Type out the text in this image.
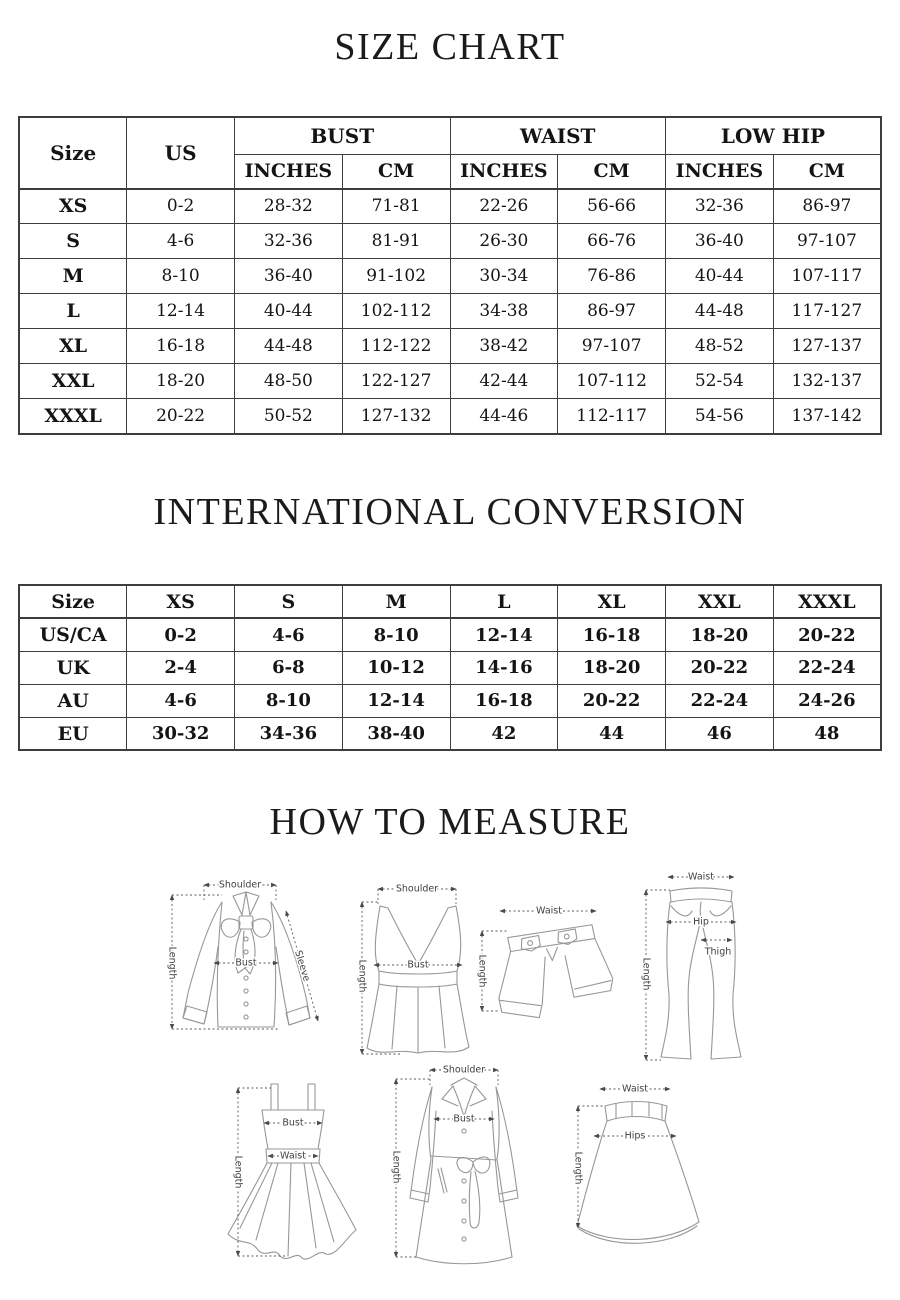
SIZE CHART
Size	US	BUST		WAIST		LOW HIP	
		INCHES	CM	INCHES	CM	INCHES	CM
XS	0-2	28-32	71-81	22-26	56-66	32-36	86-97
S	4-6	32-36	81-91	26-30	66-76	36-40	97-107
M	8-10	36-40	91-102	30-34	76-86	40-44	107-117
L	12-14	40-44	102-112	34-38	86-97	44-48	117-127
XL	16-18	44-48	112-122	38-42	97-107	48-52	127-137
XXL	18-20	48-50	122-127	42-44	107-112	52-54	132-137
XXXL	20-22	50-52	127-132	44-46	112-117	54-56	137-142
INTERNATIONAL CONVERSION
Size	XS	S	M	L	XL	XXL	XXXL
US/CA	0-2	4-6	8-10	12-14	16-18	18-20	20-22
UK	2-4	6-8	10-12	14-16	18-20	20-22	22-24
AU	4-6	8-10	12-14	16-18	20-22	22-24	24-26
EU	30-32	34-36	38-40	42	44	46	48
HOW TO MEASURE
Shoulder
Length	Bust	Sleeve
Shoulder
Bust
Length
Waist
Length
Waist
Hip
Thigh
Length
Bust
Waist
Length
Shoulder
Bust
Length
Waist
Hips
Length
